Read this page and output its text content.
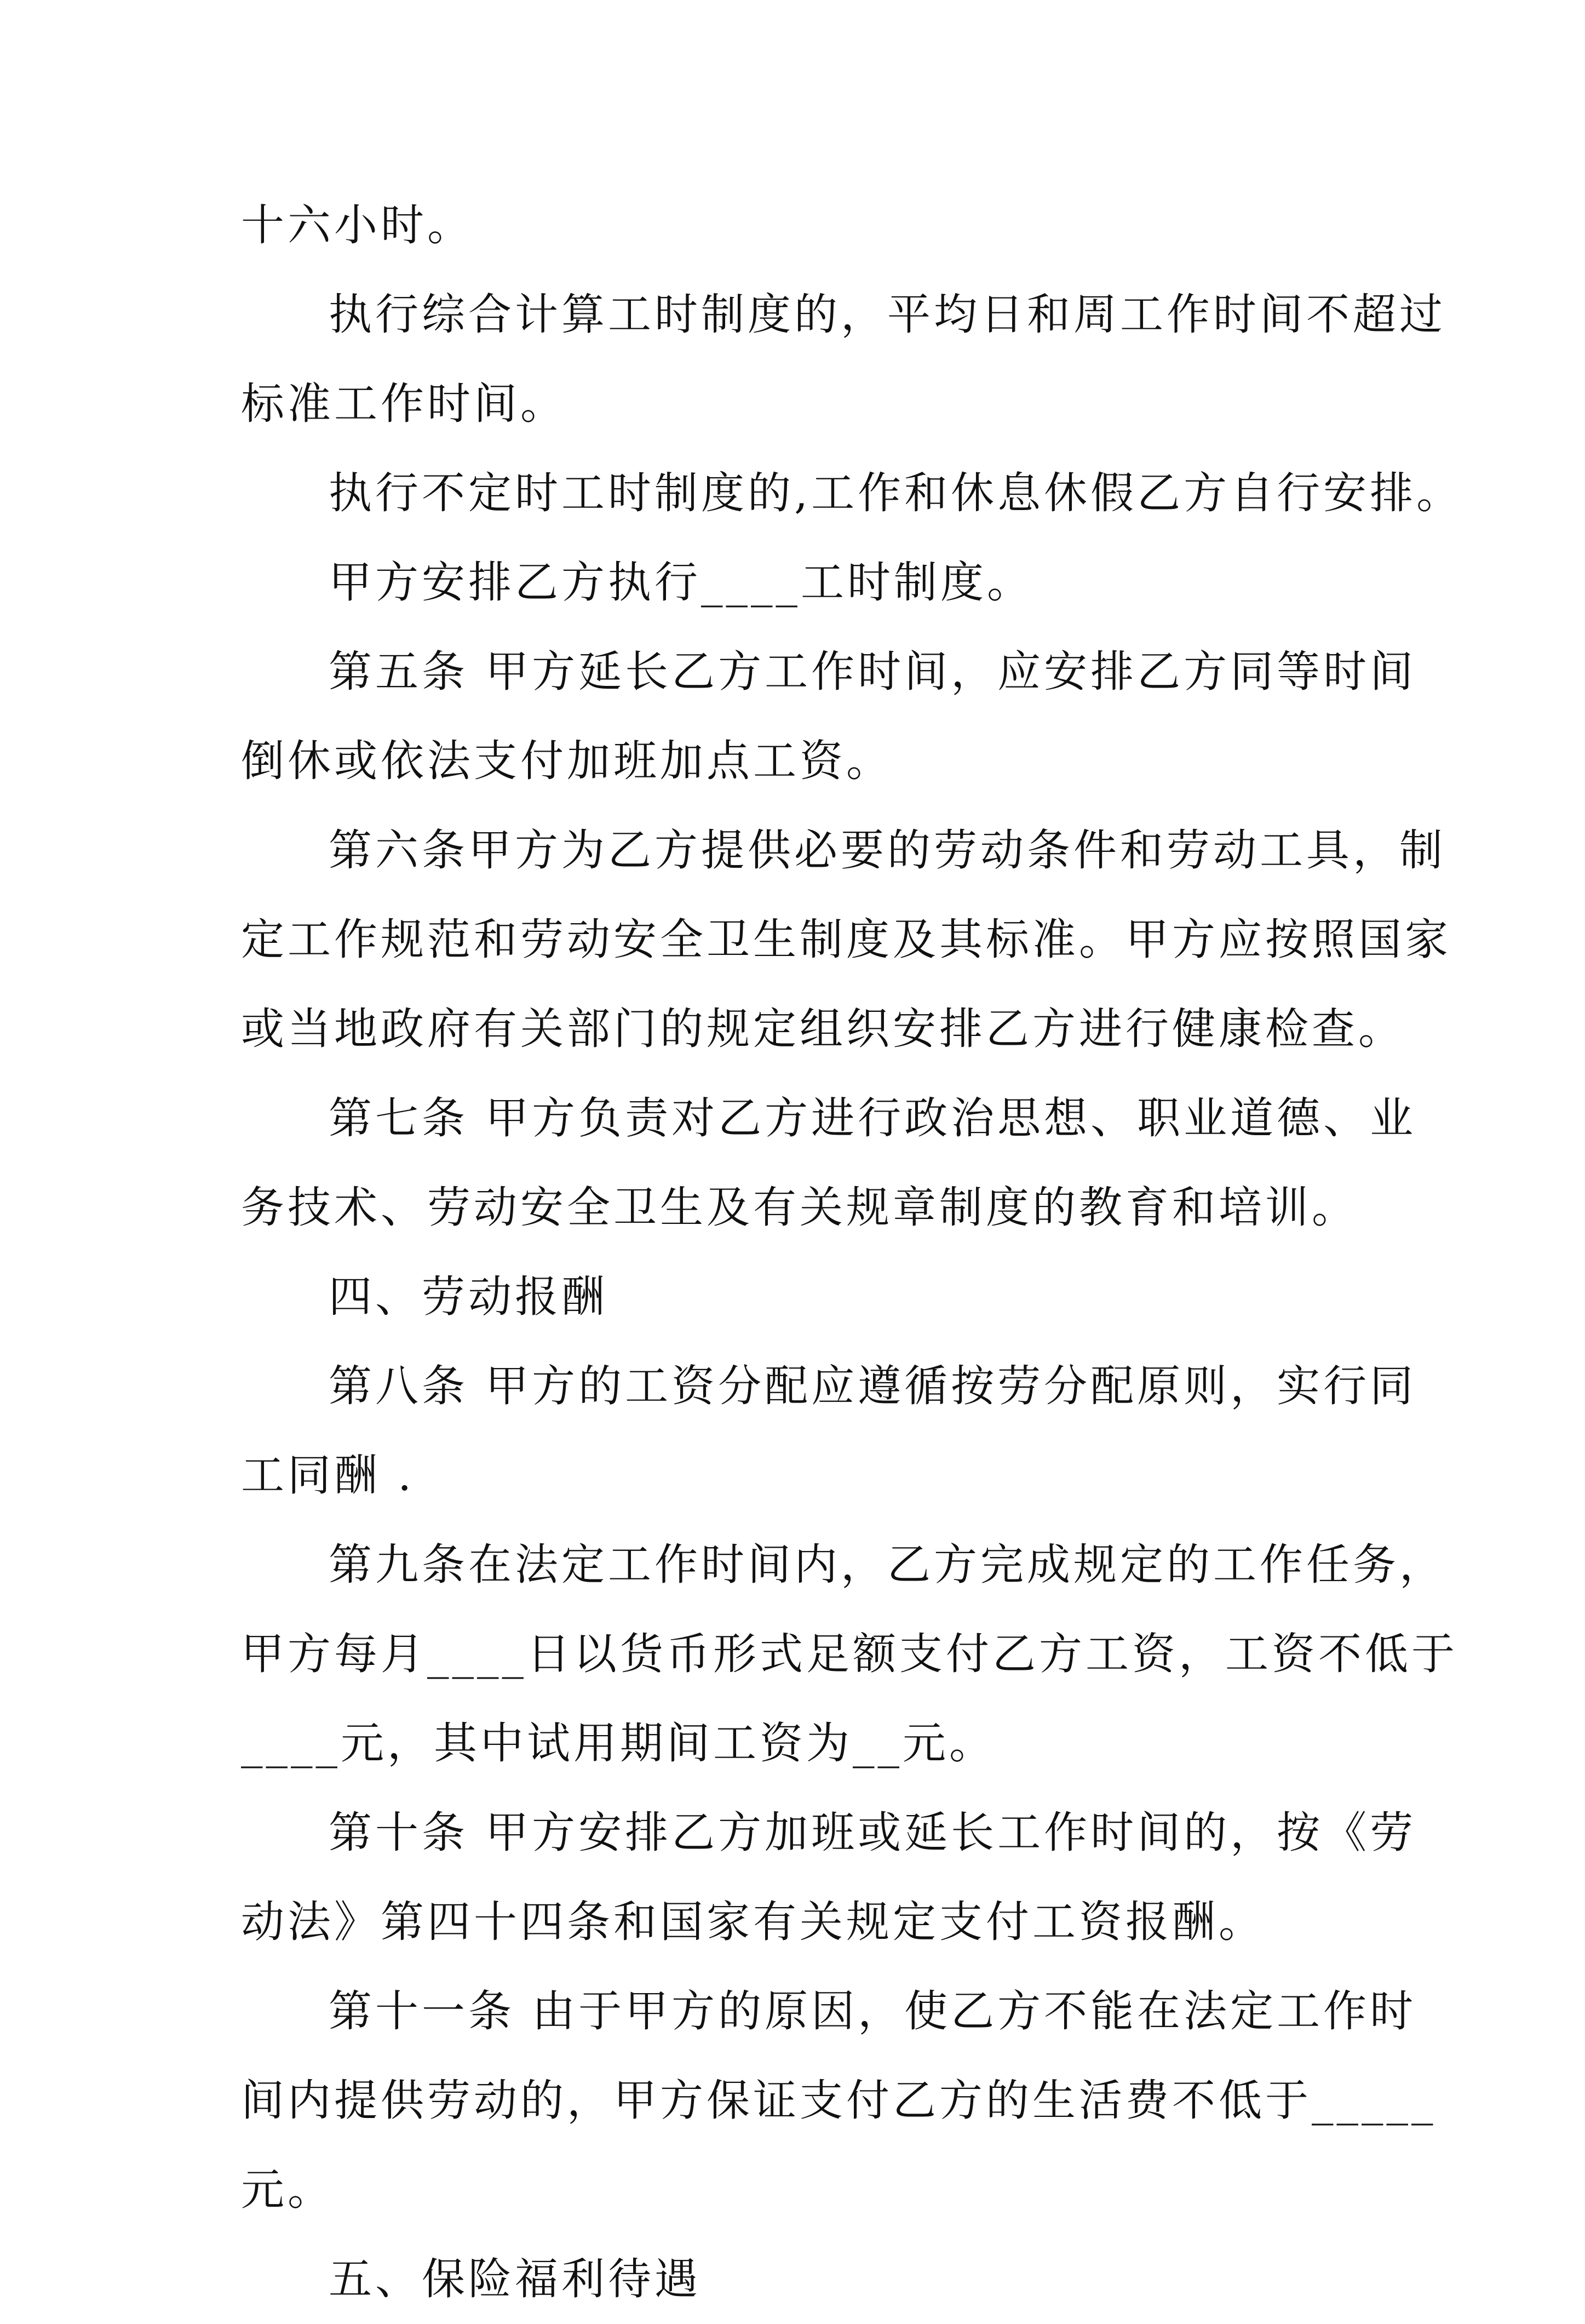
十六小时。
执行综合计算工时制度的，平均日和周工作时间不超过
标准工作时间。
执行不定时工时制度的,工作和休息休假乙方自行安排。
甲方安排乙方执行____工时制度。
第五条 甲方延长乙方工作时间，应安排乙方同等时间
倒休或依法支付加班加点工资。
第六条甲方为乙方提供必要的劳动条件和劳动工具，制
定工作规范和劳动安全卫生制度及其标准。甲方应按照国家
或当地政府有关部门的规定组织安排乙方进行健康检查。
第七条 甲方负责对乙方进行政治思想、职业道德、业
务技术、劳动安全卫生及有关规章制度的教育和培训。
四、劳动报酬
第八条 甲方的工资分配应遵循按劳分配原则，实行同
工同酬 .
第九条在法定工作时间内，乙方完成规定的工作任务，
甲方每月____日以货币形式足额支付乙方工资，工资不低于
____元，其中试用期间工资为__元。
第十条 甲方安排乙方加班或延长工作时间的，按《劳
动法》第四十四条和国家有关规定支付工资报酬。
第十一条 由于甲方的原因，使乙方不能在法定工作时
间内提供劳动的，甲方保证支付乙方的生活费不低于_____
元。
五、保险福利待遇
